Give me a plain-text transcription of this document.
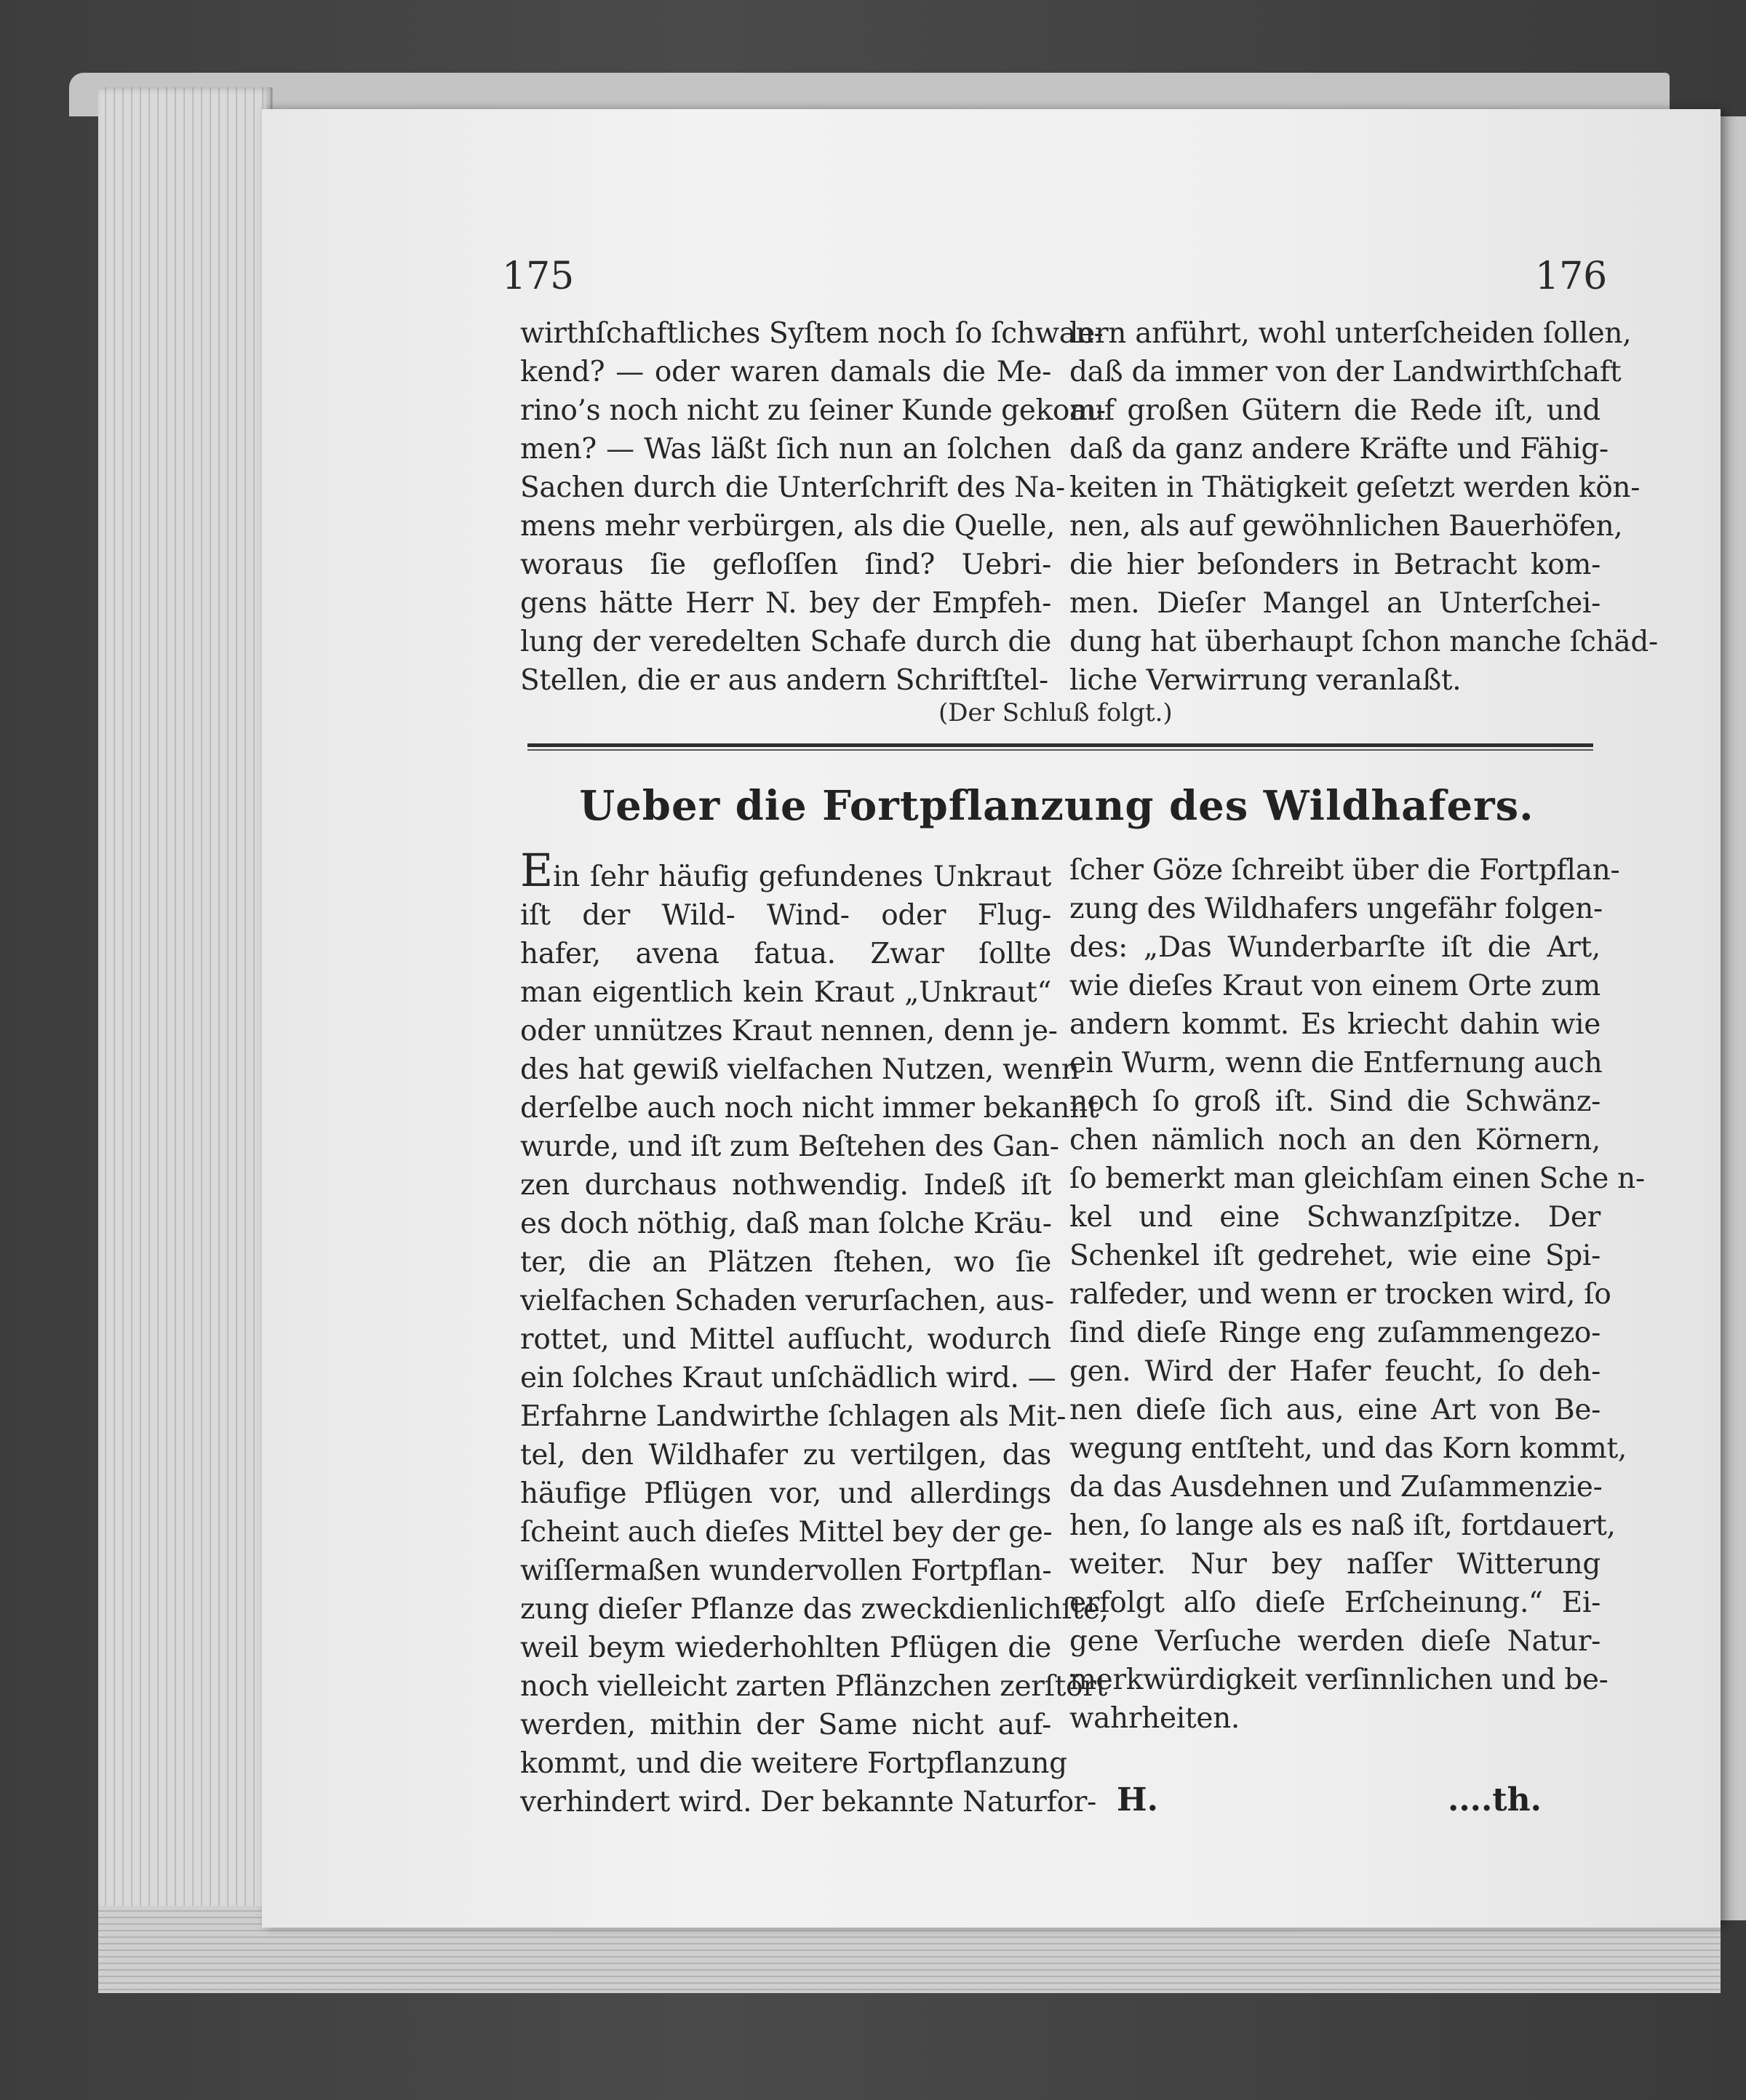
175	176
wirthſchaftliches Syſtem noch ſo ſchwan-
kend? — oder waren damals die Me-
rino’s noch nicht zu ſeiner Kunde gekom-
men? — Was läßt ſich nun an ſolchen
Sachen durch die Unterſchrift des Na-
mens mehr verbürgen, als die Quelle,
woraus ſie gefloſſen ſind? Uebri-
gens hätte Herr N. bey der Empfeh-
lung der veredelten Schafe durch die
Stellen, die er aus andern Schriftſtel-
lern anführt, wohl unterſcheiden ſollen,
daß da immer von der Landwirthſchaft
auf großen Gütern die Rede iſt, und
daß da ganz andere Kräfte und Fähig-
keiten in Thätigkeit geſetzt werden kön-
nen, als auf gewöhnlichen Bauerhöfen,
die hier beſonders in Betracht kom-
men. Dieſer Mangel an Unterſchei-
dung hat überhaupt ſchon manche ſchäd-
liche Verwirrung veranlaßt.
(Der Schluß folgt.)
Ueber die Fortpflanzung des Wildhafers.
Ein ſehr häufig gefundenes Unkraut
iſt der Wild- Wind- oder Flug-
hafer, avena fatua. Zwar ſollte
man eigentlich kein Kraut „Unkraut“
oder unnützes Kraut nennen, denn je-
des hat gewiß vielfachen Nutzen, wenn
derſelbe auch noch nicht immer bekannt
wurde, und iſt zum Beſtehen des Gan-
zen durchaus nothwendig. Indeß iſt
es doch nöthig, daß man ſolche Kräu-
ter, die an Plätzen ſtehen, wo ſie
vielfachen Schaden verurſachen, aus-
rottet, und Mittel aufſucht, wodurch
ein ſolches Kraut unſchädlich wird. —
Erfahrne Landwirthe ſchlagen als Mit-
tel, den Wildhafer zu vertilgen, das
häufige Pflügen vor, und allerdings
ſcheint auch dieſes Mittel bey der ge-
wiſſermaßen wundervollen Fortpflan-
zung dieſer Pflanze das zweckdienlichſte,
weil beym wiederhohlten Pflügen die
noch vielleicht zarten Pflänzchen zerſtört
werden, mithin der Same nicht auf-
kommt, und die weitere Fortpflanzung
verhindert wird. Der bekannte Naturfor-
ſcher Göze ſchreibt über die Fortpflan-
zung des Wildhafers ungefähr folgen-
des: „Das Wunderbarſte iſt die Art,
wie dieſes Kraut von einem Orte zum
andern kommt. Es kriecht dahin wie
ein Wurm, wenn die Entfernung auch
noch ſo groß iſt. Sind die Schwänz-
chen nämlich noch an den Körnern,
ſo bemerkt man gleichſam einen Sche n-
kel und eine Schwanzſpitze. Der
Schenkel iſt gedrehet, wie eine Spi-
ralfeder, und wenn er trocken wird, ſo
ſind dieſe Ringe eng zuſammengezo-
gen. Wird der Hafer feucht, ſo deh-
nen dieſe ſich aus, eine Art von Be-
wegung entſteht, und das Korn kommt,
da das Ausdehnen und Zuſammenzie-
hen, ſo lange als es naß iſt, fortdauert,
weiter. Nur bey naſſer Witterung
erfolgt alſo dieſe Erſcheinung.“ Ei-
gene Verſuche werden dieſe Natur-
merkwürdigkeit verſinnlichen und be-
wahrheiten.
H.	....th.
